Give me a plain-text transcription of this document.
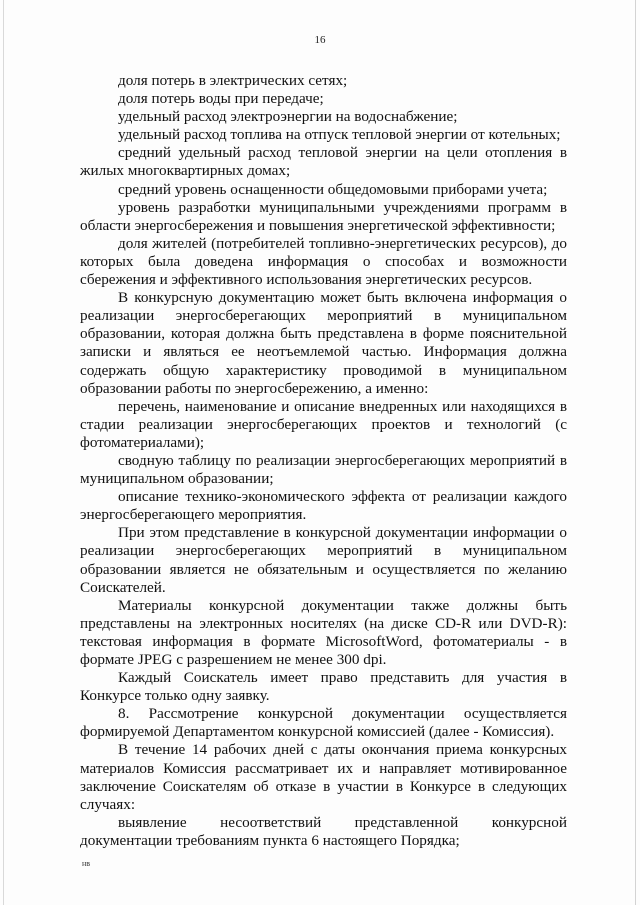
16

доля потерь в электрических сетях;

доля потерь воды при передаче;

удельный расход электроэнергии на водоснабжение;

удельный расход топлива на отпуск тепловой энергии от котельных;

средний удельный расход тепловой энергии на цели отопления в жилых многоквартирных домах;

средний уровень оснащенности общедомовыми приборами учета;

уровень разработки муниципальными учреждениями программ в области энергосбережения и повышения энергетической эффективности;

доля жителей (потребителей топливно-энергетических ресурсов), до которых была доведена информация о способах и возможности сбережения и эффективного использования энергетических ресурсов.

В конкурсную документацию может быть включена информация о реализации энергосберегающих мероприятий в муниципальном образовании, которая должна быть представлена в форме пояснительной записки и являться ее неотъемлемой частью. Информация должна содержать общую характеристику проводимой в муниципальном образовании работы по энергосбережению, а именно:

перечень, наименование и описание внедренных или находящихся в стадии реализации энергосберегающих проектов и технологий (с фотоматериалами);

сводную таблицу по реализации энергосберегающих мероприятий в муниципальном образовании;

описание технико-экономического эффекта от реализации каждого энергосберегающего мероприятия.

При этом представление в конкурсной документации информации о реализации энергосберегающих мероприятий в муниципальном образовании является не обязательным и осуществляется по желанию Соискателей.

Материалы конкурсной документации также должны быть представлены на электронных носителях (на диске CD-R или DVD-R): текстовая информация в формате MicrosoftWord, фотоматериалы - в формате JPEG с разрешением не менее 300 dpi.

Каждый Соискатель имеет право представить для участия в Конкурсе только одну заявку.

8. Рассмотрение конкурсной документации осуществляется формируемой Департаментом конкурсной комиссией (далее - Комиссия).

В течение 14 рабочих дней с даты окончания приема конкурсных материалов Комиссия рассматривает их и направляет мотивированное заключение Соискателям об отказе в участии в Конкурсе в следующих случаях:

выявление несоответствий представленной конкурсной документации требованиям пункта 6 настоящего Порядка;

нв
